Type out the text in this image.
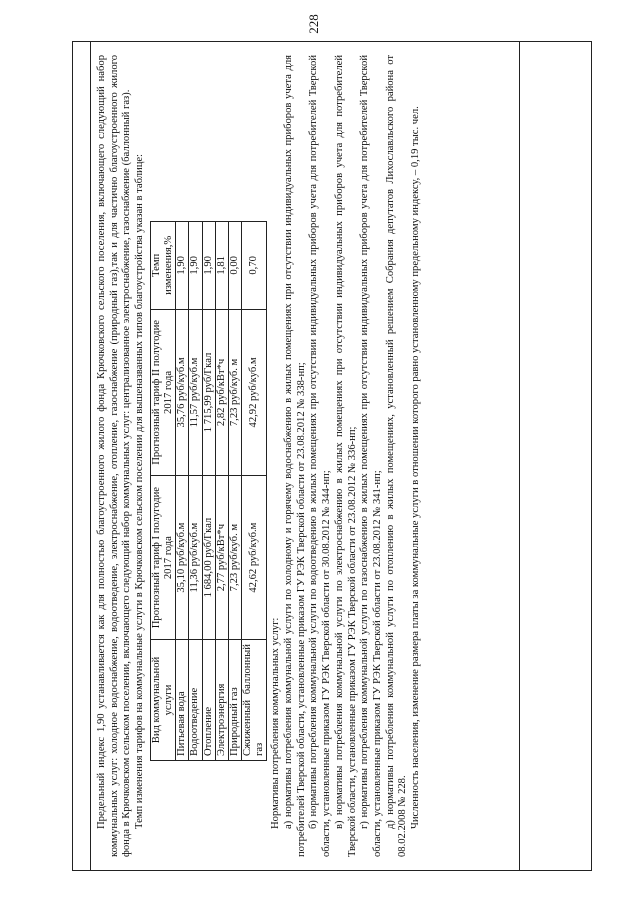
228

Предельный индекс 1,90 устанавливается как для полностью благоустроенного жилого фонда Крючковского сельского поселения, включающего следующий набор коммунальных услуг: холодное водоснабжение, водоотведение, электроснабжение, отопление, газоснабжение (природный газ),так и для частично благоустроенного жилого фонда в Крючковском сельском поселении, включающего следующий набор коммунальных услуг: централизованное электроснабжение, газоснабжение (баллонный газ). Темп изменения тарифов на коммунальные услуги в Крючковском сельском поселении для вышеназванных типов благоустройства указан в таблице: Вид коммунальной услуги	Прогнозный тариф I полугодие 2017 года	Прогнозный тариф II полугодие 2017 года	Темп изменения,%
Питьевая вода	35,10 руб/куб.м	35,76 руб/куб.м	1,90
Водоотведение	11,36 руб/куб.м	11,57 руб/куб.м	1,90
Отопление	1 684,00 руб/Гкал	1 715,99 руб/Гкал	1,90
Электроэнергия	2,77 руб/кВт*ч	2,82 руб/кВт*ч	1,81
Природный газ	7,23 руб/куб. м	7,23 руб/куб. м	0,00
Сжиженный баллонный газ	42,62 руб/куб.м	42,92 руб/куб.м	0,70

Нормативы потребления коммунальных услуг: а) нормативы потребления коммунальной услуги по холодному и горячему водоснабжению в жилых помещениях при отсутствии индивидуальных приборов учета для потребителей Тверской области, установленные приказом ГУ РЭК Тверской области от 23.08.2012 № 338-нп; б) нормативы потребления коммунальной услуги по водоотведению в жилых помещениях при отсутствии индивидуальных приборов учета для потребителей Тверской области, установленные приказом ГУ РЭК Тверской области от 30.08.2012 № 344-нп; в) нормативы потребления коммунальной услуги по электроснабжению в жилых помещениях при отсутствии индивидуальных приборов учета для потребителей Тверской области, установленные приказом ГУ РЭК Тверской области от 23.08.2012 № 336-нп; г) нормативы потребления коммунальной услуги по газоснабжению в жилых помещениях при отсутствии индивидуальных приборов учета для потребителей Тверской области, установленные приказом ГУ РЭК Тверской области от 23.08.2012 № 341-нп; д) нормативы потребления коммунальной услуги по отоплению в жилых помещениях, установленный решением Собрания депутатов Лихославльского района от 08.02.2008 № 228. Численность населения, изменение размера платы за коммунальные услуги в отношении которого равно установленному предельному индексу, – 0,19 тыс. чел.
